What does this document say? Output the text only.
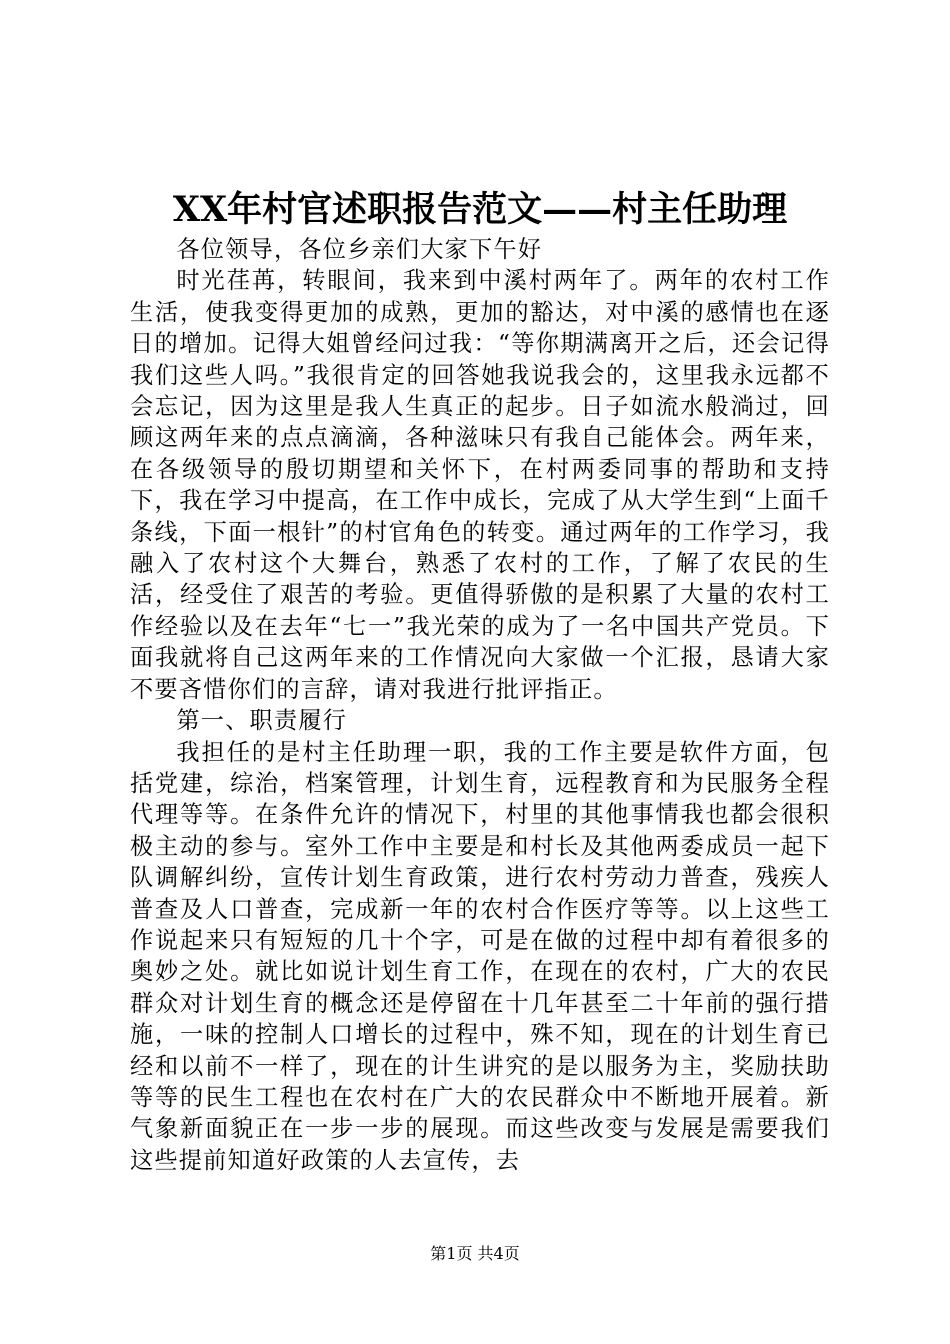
XX年村官述职报告范文——村主任助理

各位领导，各位乡亲们大家下午好

时光荏苒，转眼间，我来到中溪村两年了。两年的农村工作生活，使我变得更加的成熟，更加的豁达，对中溪的感情也在逐日的增加。记得大姐曾经问过我：“等你期满离开之后，还会记得我们这些人吗。”我很肯定的回答她我说我会的，这里我永远都不会忘记，因为这里是我人生真正的起步。日子如流水般淌过，回顾这两年来的点点滴滴，各种滋味只有我自己能体会。两年来，在各级领导的殷切期望和关怀下，在村两委同事的帮助和支持下，我在学习中提高，在工作中成长，完成了从大学生到“上面千条线，下面一根针”的村官角色的转变。通过两年的工作学习，我融入了农村这个大舞台，熟悉了农村的工作，了解了农民的生活，经受住了艰苦的考验。更值得骄傲的是积累了大量的农村工作经验以及在去年“七一”我光荣的成为了一名中国共产党员。下面我就将自己这两年来的工作情况向大家做一个汇报，恳请大家不要吝惜你们的言辞，请对我进行批评指正。

第一、职责履行

我担任的是村主任助理一职，我的工作主要是软件方面，包括党建，综治，档案管理，计划生育，远程教育和为民服务全程代理等等。在条件允许的情况下，村里的其他事情我也都会很积极主动的参与。室外工作中主要是和村长及其他两委成员一起下队调解纠纷，宣传计划生育政策，进行农村劳动力普查，残疾人普查及人口普查，完成新一年的农村合作医疗等等。以上这些工作说起来只有短短的几十个字，可是在做的过程中却有着很多的奥妙之处。就比如说计划生育工作，在现在的农村，广大的农民群众对计划生育的概念还是停留在十几年甚至二十年前的强行措施，一味的控制人口增长的过程中，殊不知，现在的计划生育已经和以前不一样了，现在的计生讲究的是以服务为主，奖励扶助等等的民生工程也在农村在广大的农民群众中不断地开展着。新气象新面貌正在一步一步的展现。而这些改变与发展是需要我们这些提前知道好政策的人去宣传，去

第1页 共4页
